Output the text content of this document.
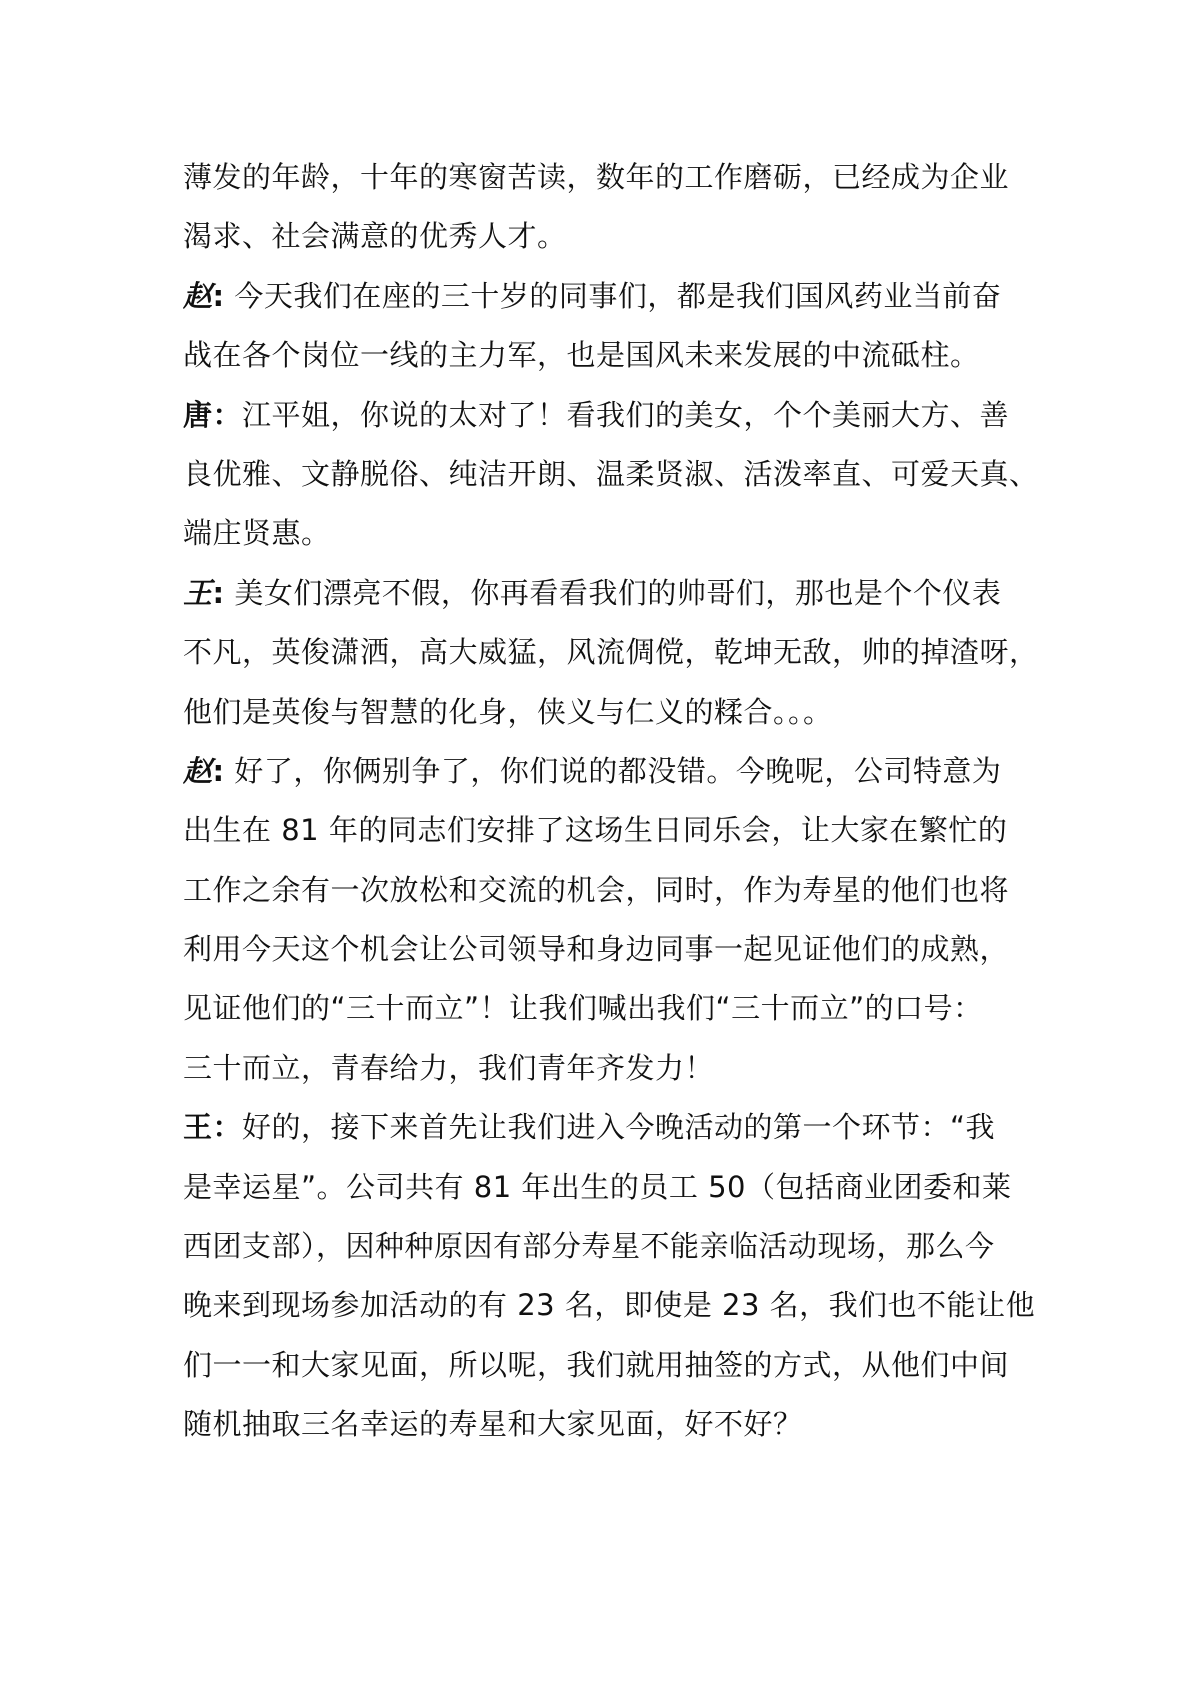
薄发的年龄，十年的寒窗苦读，数年的工作磨砺，已经成为企业
渴求、社会满意的优秀人才。
赵: 今天我们在座的三十岁的同事们，都是我们国风药业当前奋
战在各个岗位一线的主力军，也是国风未来发展的中流砥柱。
唐：江平姐，你说的太对了！看我们的美女，个个美丽大方、善
良优雅、文静脱俗、纯洁开朗、温柔贤淑、活泼率直、可爱天真、
端庄贤惠。
王: 美女们漂亮不假，你再看看我们的帅哥们，那也是个个仪表
不凡，英俊潇洒，高大威猛，风流倜傥，乾坤无敌，帅的掉渣呀，
他们是英俊与智慧的化身，侠义与仁义的糅合。。。
赵: 好了，你俩别争了，你们说的都没错。今晚呢，公司特意为
出生在 81 年的同志们安排了这场生日同乐会，让大家在繁忙的
工作之余有一次放松和交流的机会，同时，作为寿星的他们也将
利用今天这个机会让公司领导和身边同事一起见证他们的成熟，
见证他们的“三十而立”！让我们喊出我们“三十而立”的口号：
三十而立，青春给力，我们青年齐发力！
王：好的，接下来首先让我们进入今晚活动的第一个环节：“我
是幸运星”。公司共有 81 年出生的员工 50（包括商业团委和莱
西团支部），因种种原因有部分寿星不能亲临活动现场，那么今
晚来到现场参加活动的有 23 名，即使是 23 名，我们也不能让他
们一一和大家见面，所以呢，我们就用抽签的方式，从他们中间
随机抽取三名幸运的寿星和大家见面，好不好？
